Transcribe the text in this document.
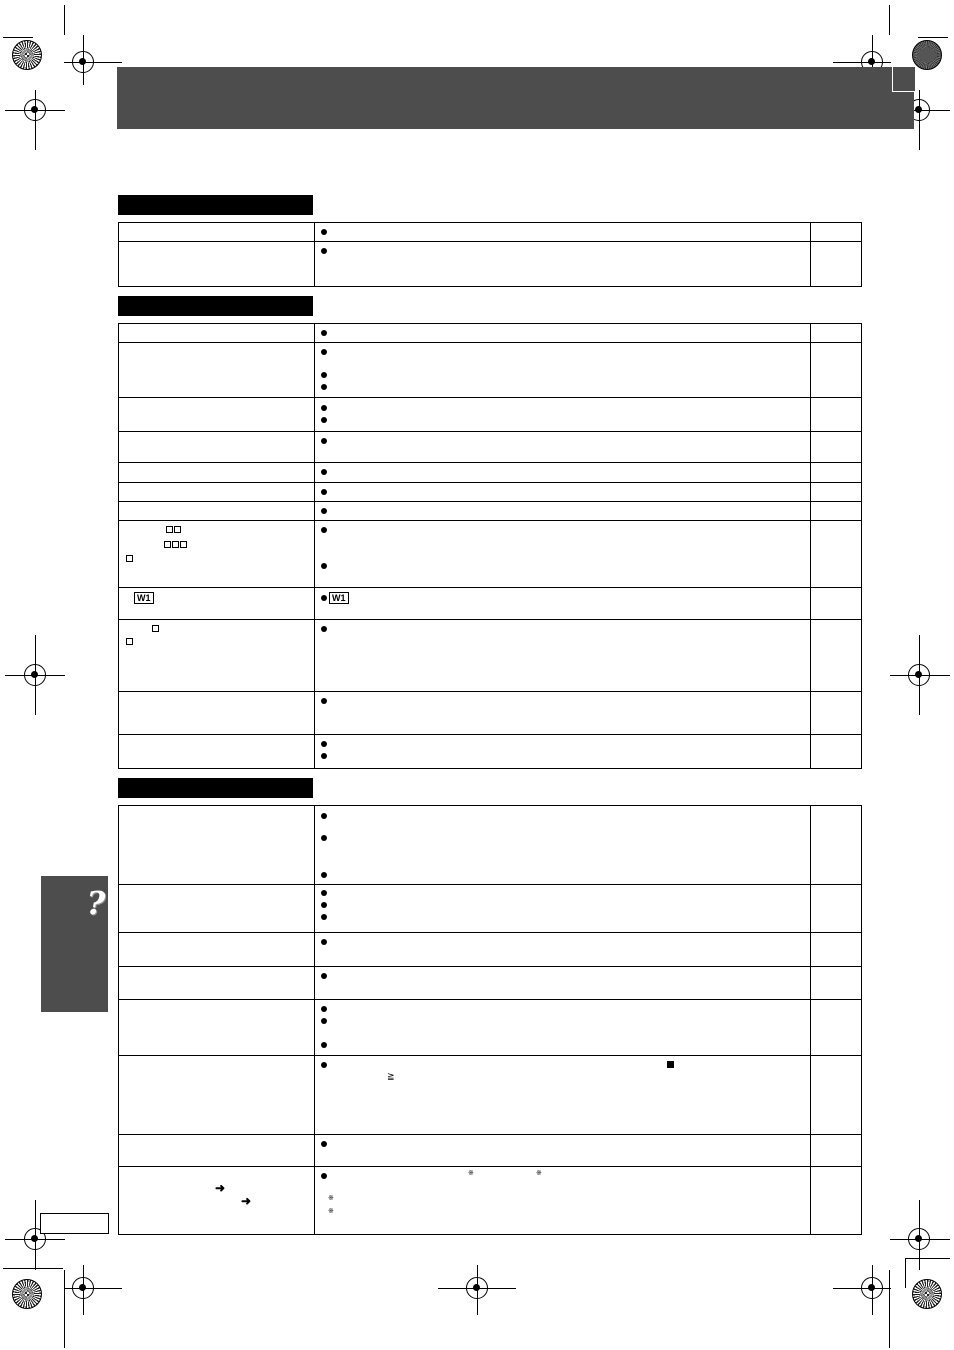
W1	W1
≧
➜
➜
※	※
※
※
?
